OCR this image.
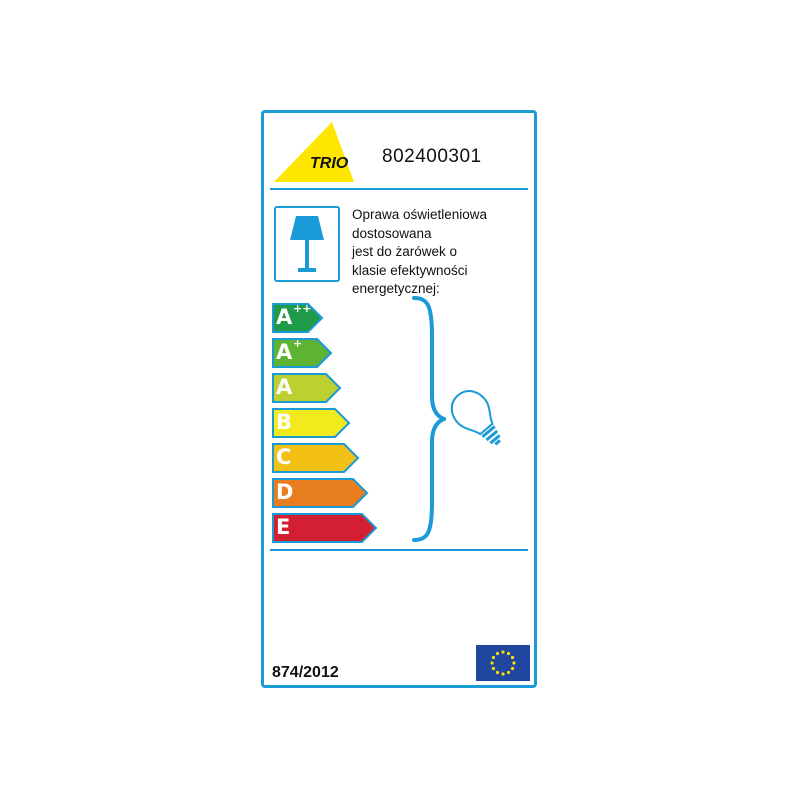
TRIO 802400301

Oprawa oświetleniowa
dostosowana
jest do żarówek o
klasie efektywności
energetycznej:

A ++
A +
A
B
C
D
E
874/2012
